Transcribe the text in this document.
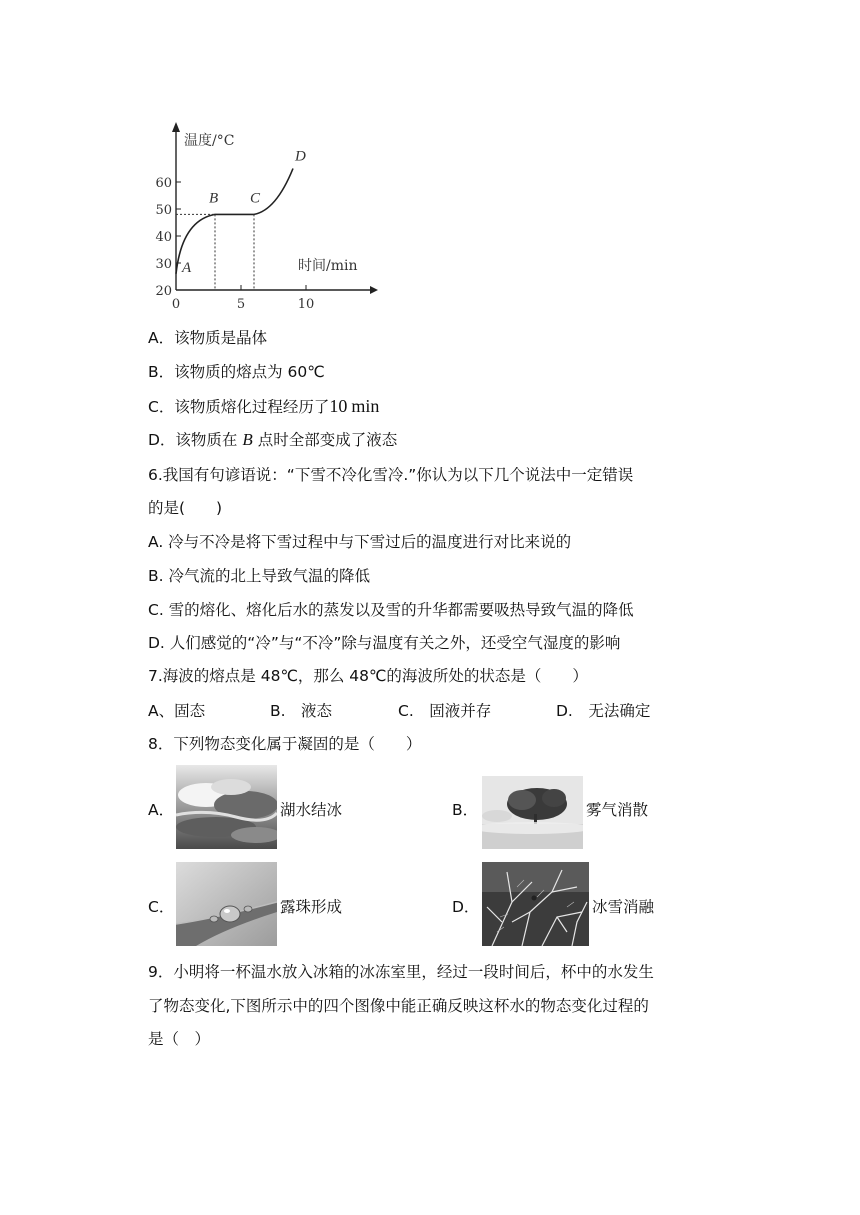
温度/°C
时间/min
20
30
40
50
60
0	5	10
A
B C
D
A．该物质是晶体
B．该物质的熔点为 60℃
C．该物质熔化过程经历了10 min
D．该物质在 B 点时全部变成了液态
6.我国有句谚语说：“下雪不冷化雪冷.”你认为以下几个说法中一定错误
的是(　　)
A. 冷与不冷是将下雪过程中与下雪过后的温度进行对比来说的
B. 冷气流的北上导致气温的降低
C. 雪的熔化、熔化后水的蒸发以及雪的升华都需要吸热导致气温的降低
D. 人们感觉的“冷”与“不冷”除与温度有关之外，还受空气湿度的影响
7.海波的熔点是 48℃，那么 48℃的海波所处的状态是（　　）
A、固态	B.　液态	C.　固液并存	D.　无法确定
8．下列物态变化属于凝固的是（　　）
A．	湖水结冰	B．	雾气消散
C．	露珠形成	D．	冰雪消融
9．小明将一杯温水放入冰箱的冰冻室里，经过一段时间后，杯中的水发生
了物态变化,下图所示中的四个图像中能正确反映这杯水的物态变化过程的
是（　）
